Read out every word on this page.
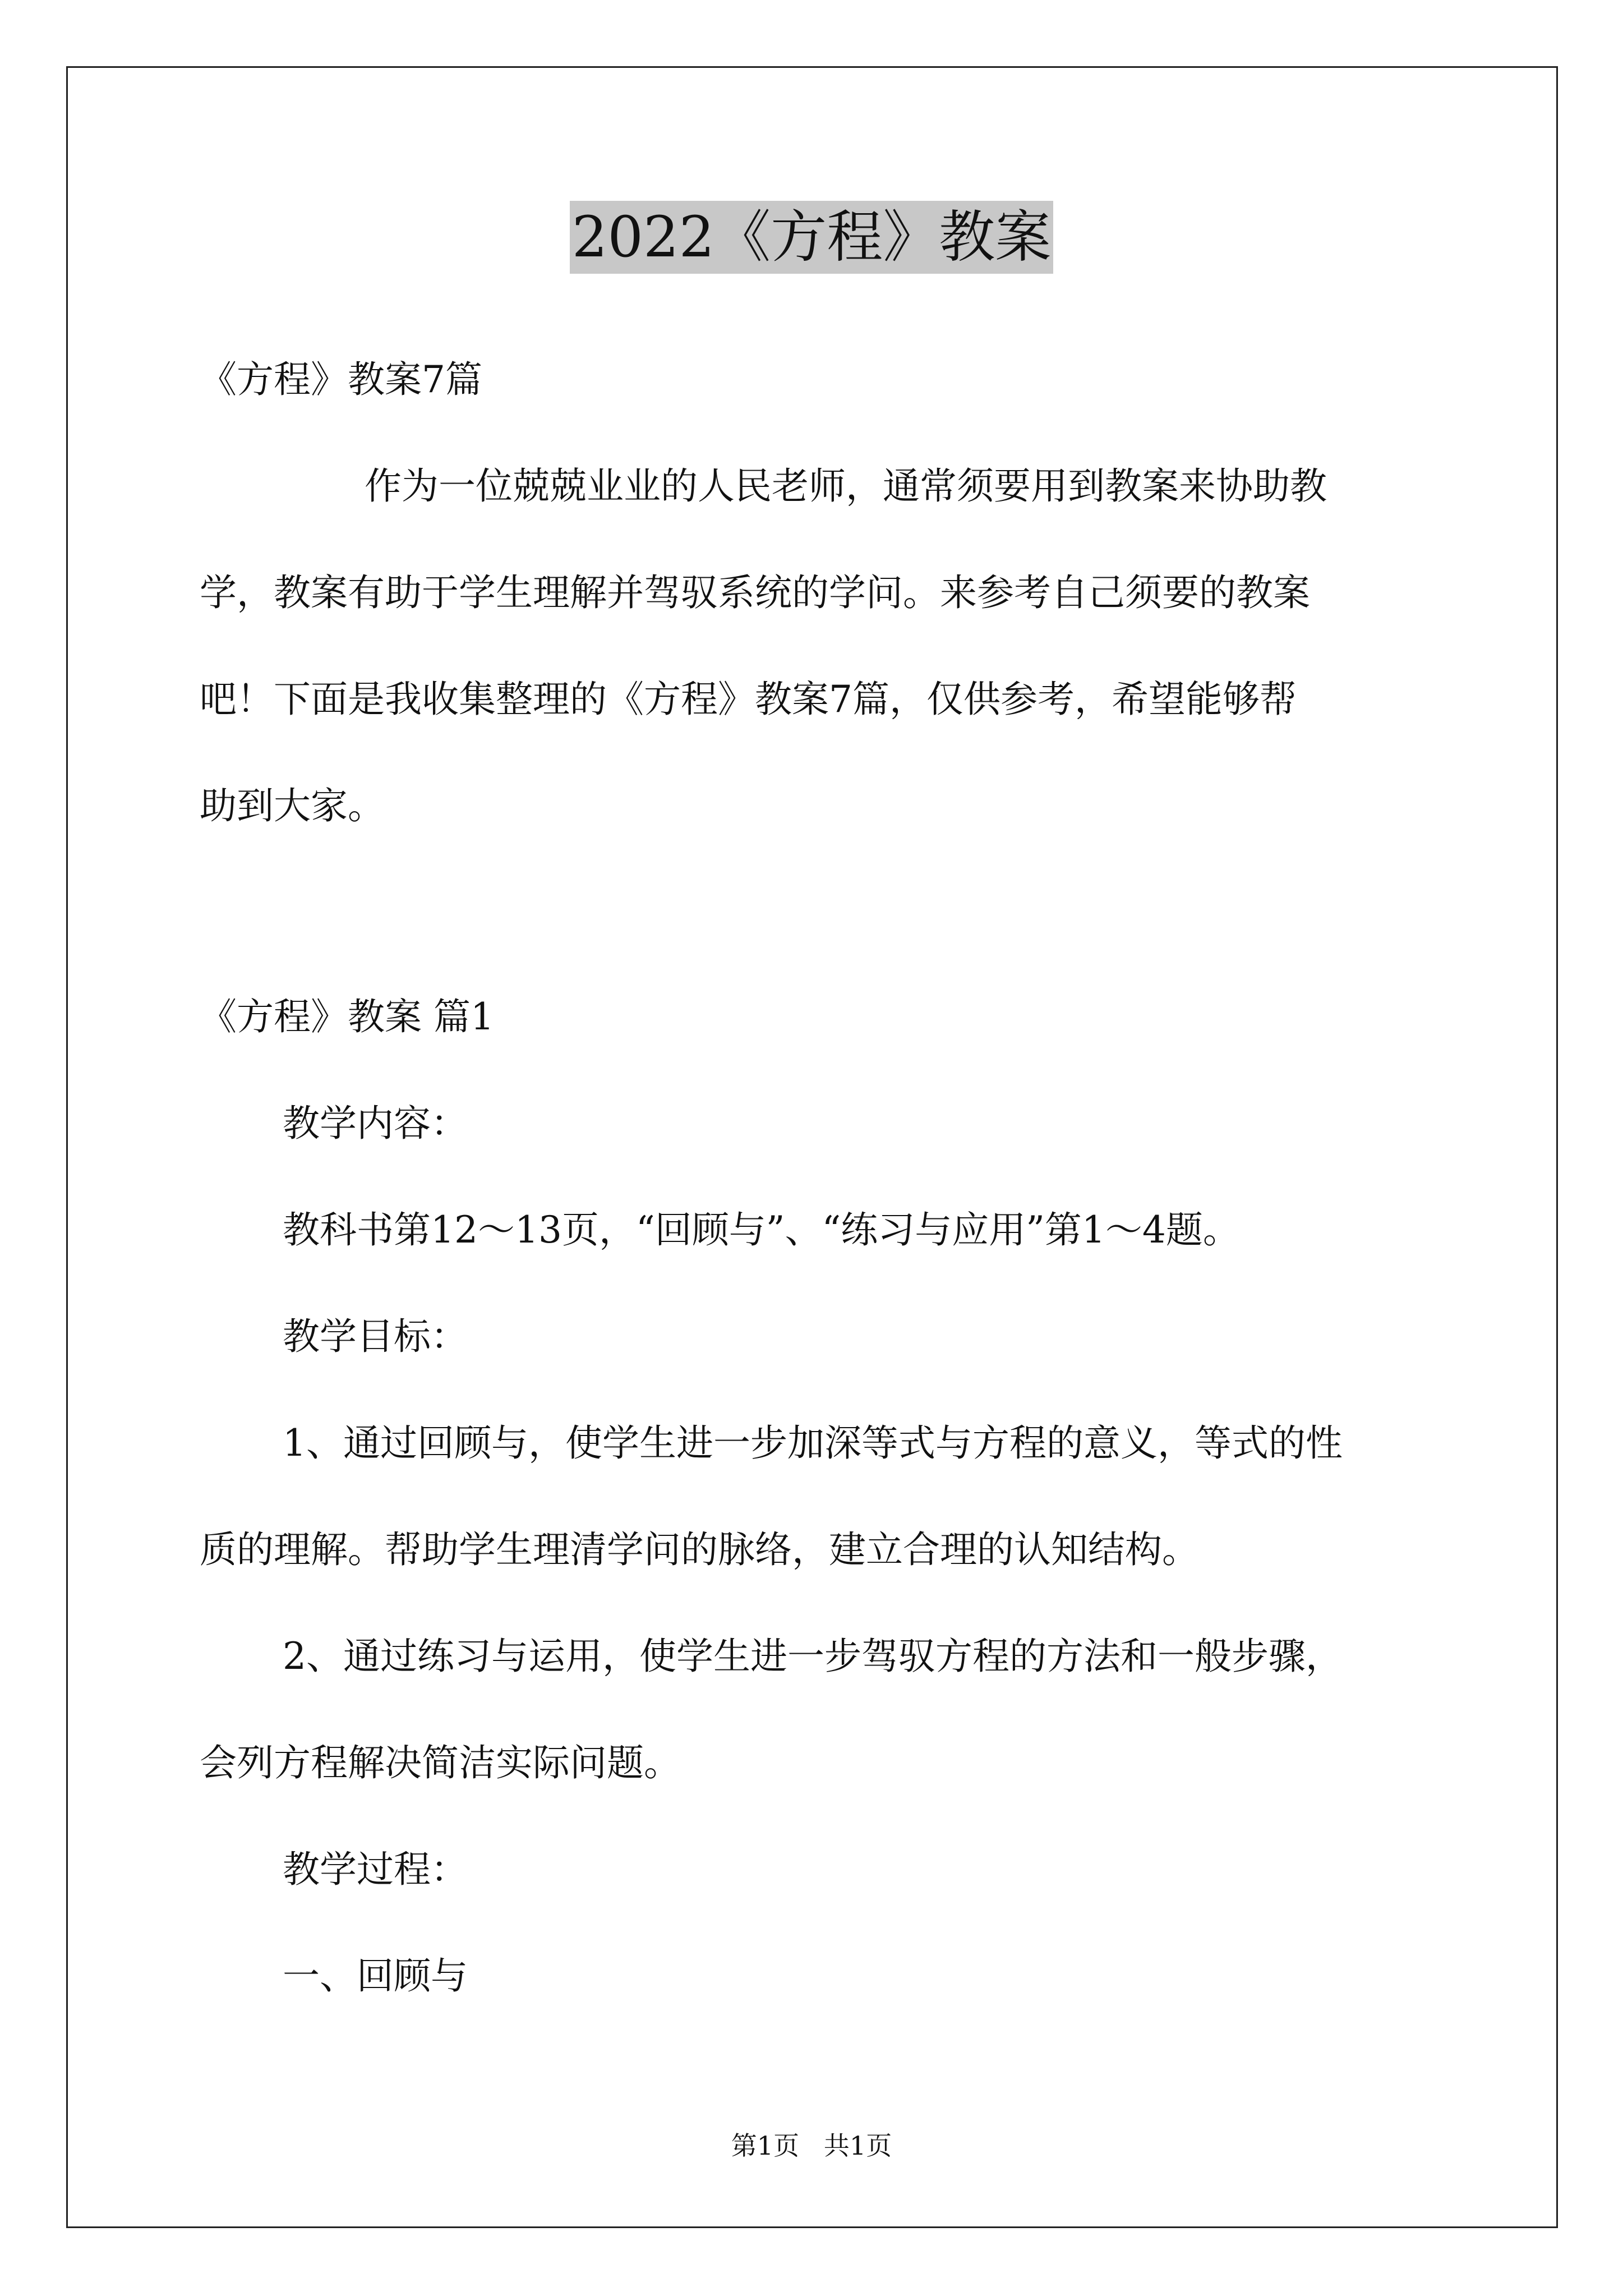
2022《方程》教案
《方程》教案7篇
作为一位兢兢业业的人民老师，通常须要用到教案来协助教
学，教案有助于学生理解并驾驭系统的学问。来参考自己须要的教案
吧！下面是我收集整理的《方程》教案7篇，仅供参考，希望能够帮
助到大家。
《方程》教案 篇1
教学内容：
教科书第12～13页，“回顾与”、“练习与应用”第1～4题。
教学目标：
1、通过回顾与，使学生进一步加深等式与方程的意义，等式的性
质的理解。帮助学生理清学问的脉络，建立合理的认知结构。
2、通过练习与运用，使学生进一步驾驭方程的方法和一般步骤，
会列方程解决简洁实际问题。
教学过程：
一、回顾与
第1页   共1页
